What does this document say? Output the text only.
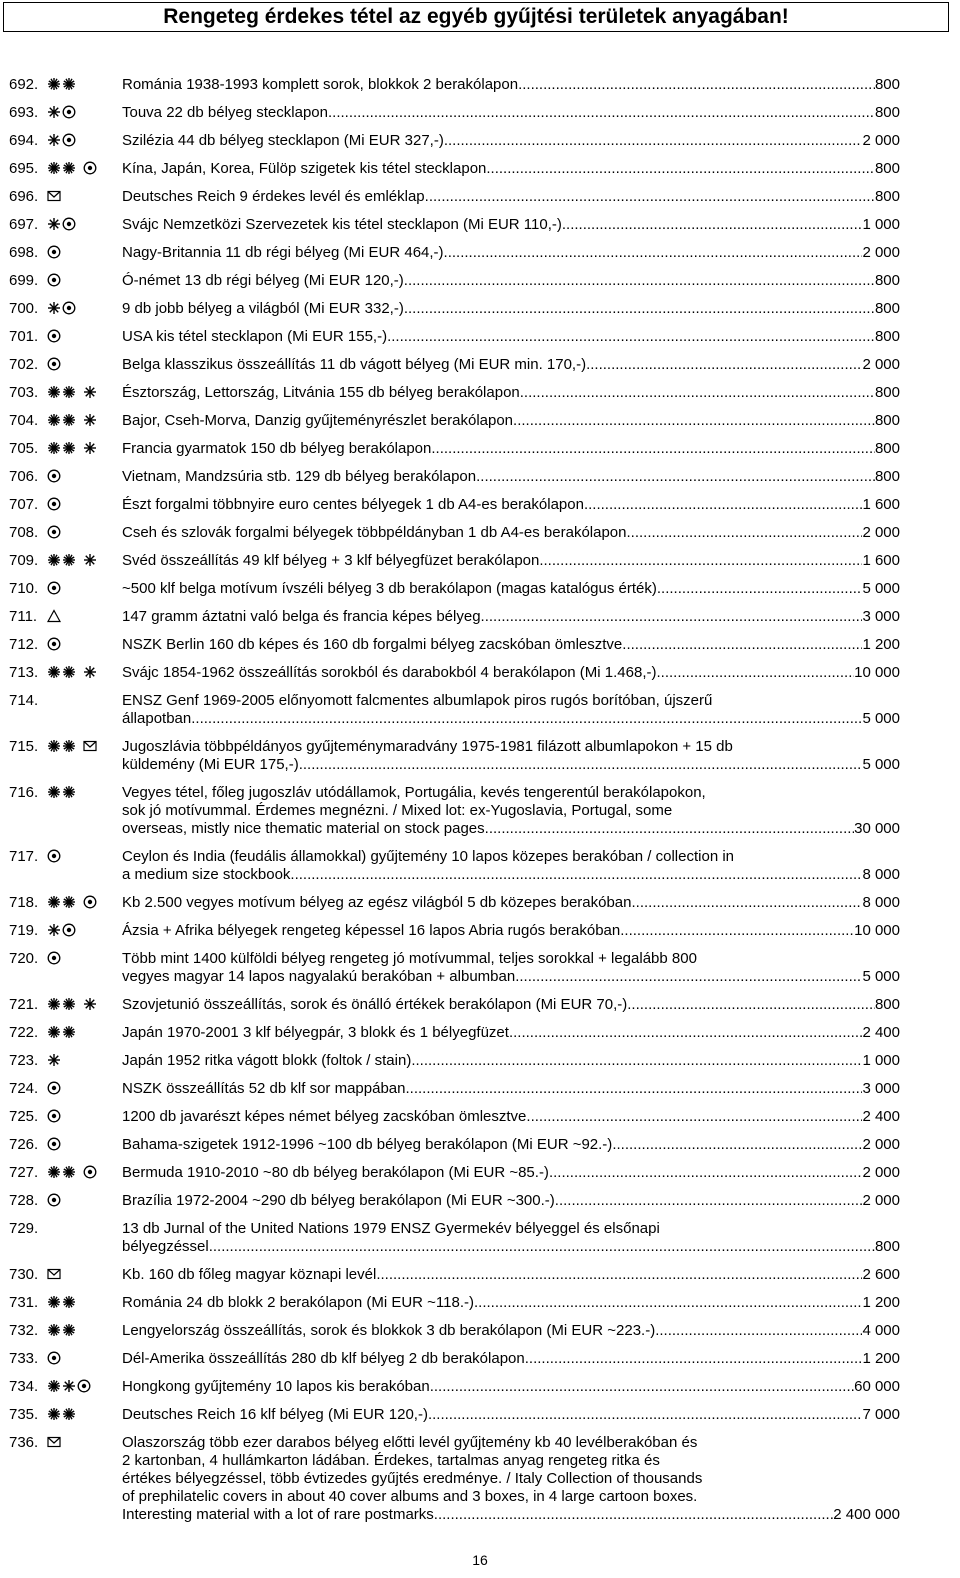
Rengeteg érdekes tétel az egyéb gyűjtési területek anyagában!
692.	Románia 1938-1993 komplett sorok, blokkok 2 berakólapon .....	800
693.	Touva 22 db bélyeg stecklapon .....	800
694.	Szilézia 44 db bélyeg stecklapon (Mi EUR 327,-) .....	2 000
695.	Kína, Japán, Korea, Fülöp szigetek kis tétel stecklapon .....	800
696.	Deutsches Reich 9 érdekes levél és emléklap .....	800
697.	Svájc Nemzetközi Szervezetek kis tétel stecklapon (Mi EUR 110,-) .....	1 000
698.	Nagy-Britannia 11 db régi bélyeg (Mi EUR 464,-) .....	2 000
699.	Ó-német 13 db régi bélyeg (Mi EUR 120,-) .....	800
700.	9 db jobb bélyeg a világból (Mi EUR 332,-) .....	800
701.	USA kis tétel stecklapon (Mi EUR 155,-) .....	800
702.	Belga klasszikus összeállítás 11 db vágott bélyeg (Mi EUR min. 170,-) .....	2 000
703.	Észtország, Lettország, Litvánia 155 db bélyeg berakólapon .....	800
704.	Bajor, Cseh-Morva, Danzig gyűjteményrészlet berakólapon .....	800
705.	Francia gyarmatok 150 db bélyeg berakólapon .....	800
706.	Vietnam, Mandzsúria stb. 129 db bélyeg berakólapon .....	800
707.	Észt forgalmi többnyire euro centes bélyegek 1 db A4-es berakólapon .....	1 600
708.	Cseh és szlovák forgalmi bélyegek többpéldányban 1 db A4-es berakólapon .....	2 000
709.	Svéd összeállítás 49 klf bélyeg + 3 klf bélyegfüzet berakólapon .....	1 600
710.	~500 klf belga motívum ívszéli bélyeg 3 db berakólapon (magas katalógus érték) .....	5 000
711.	147 gramm áztatni való belga és francia képes bélyeg .....	3 000
712.	NSZK Berlin 160 db képes és 160 db forgalmi bélyeg zacskóban ömlesztve .....	1 200
713.	Svájc 1854-1962 összeállítás sorokból és darabokból 4 berakólapon (Mi 1.468,-) .....	10 000
714.	ENSZ Genf 1969-2005 előnyomott falcmentes albumlapok piros rugós borítóban, újszerű
állapotban .....	5 000
715.	Jugoszlávia többpéldányos gyűjteménymaradvány 1975-1981 filázott albumlapokon + 15 db
küldemény (Mi EUR 175,-) .....	5 000
716.	Vegyes tétel, főleg jugoszláv utódállamok, Portugália, kevés tengerentúl berakólapokon,
sok jó motívummal. Érdemes megnézni. / Mixed lot: ex-Yugoslavia, Portugal, some
overseas, mistly nice thematic material on stock pages. .....	30 000
717.	Ceylon és India (feudális államokkal) gyűjtemény 10 lapos közepes berakóban / collection in
a medium size stockbook .....	8 000
718.	Kb 2.500 vegyes motívum bélyeg az egész világból 5 db közepes berakóban .....	8 000
719.	Ázsia + Afrika bélyegek rengeteg képessel 16 lapos Abria rugós berakóban .....	10 000
720.	Több mint 1400 külföldi bélyeg rengeteg jó motívummal, teljes sorokkal + legalább 800
vegyes magyar 14 lapos nagyalakú berakóban + albumban .....	5 000
721.	Szovjetunió összeállítás, sorok és önálló értékek berakólapon (Mi EUR 70,-) .....	800
722.	Japán 1970-2001 3 klf bélyegpár, 3 blokk és 1 bélyegfüzet .....	2 400
723.	Japán 1952 ritka vágott blokk (foltok / stain) .....	1 000
724.	NSZK összeállítás 52 db klf sor mappában .....	3 000
725.	1200 db javarészt képes német bélyeg zacskóban ömlesztve .....	2 400
726.	Bahama-szigetek 1912-1996 ~100 db bélyeg berakólapon (Mi EUR ~92.-) .....	2 000
727.	Bermuda 1910-2010 ~80 db bélyeg berakólapon (Mi EUR ~85.-) .....	2 000
728.	Brazília 1972-2004 ~290 db bélyeg berakólapon (Mi EUR ~300.-) .....	2 000
729.	13 db Jurnal of the United Nations 1979 ENSZ Gyermekév bélyeggel és elsőnapi
bélyegzéssel .....	800
730.	Kb. 160 db főleg magyar köznapi levél .....	2 600
731.	Románia 24 db blokk 2 berakólapon (Mi EUR ~118.-) .....	1 200
732.	Lengyelország összeállítás, sorok és blokkok 3 db berakólapon (Mi EUR ~223.-) .....	4 000
733.	Dél-Amerika összeállítás 280 db klf bélyeg 2 db berakólapon .....	1 200
734.	Hongkong gyűjtemény 10 lapos kis berakóban .....	60 000
735.	Deutsches Reich 16 klf bélyeg (Mi EUR 120,-) .....	7 000
736.	Olaszország több ezer darabos bélyeg előtti levél gyűjtemény kb 40 levélberakóban és
2 kartonban, 4 hullámkarton ládában. Érdekes, tartalmas anyag rengeteg ritka és
értékes bélyegzéssel, több évtizedes gyűjtés eredménye. / Italy Collection of thousands
of prephilatelic covers in about 40 cover albums and 3 boxes, in 4 large cartoon boxes.
Interesting material with a lot of rare postmarks. .....	2 400 000
16
